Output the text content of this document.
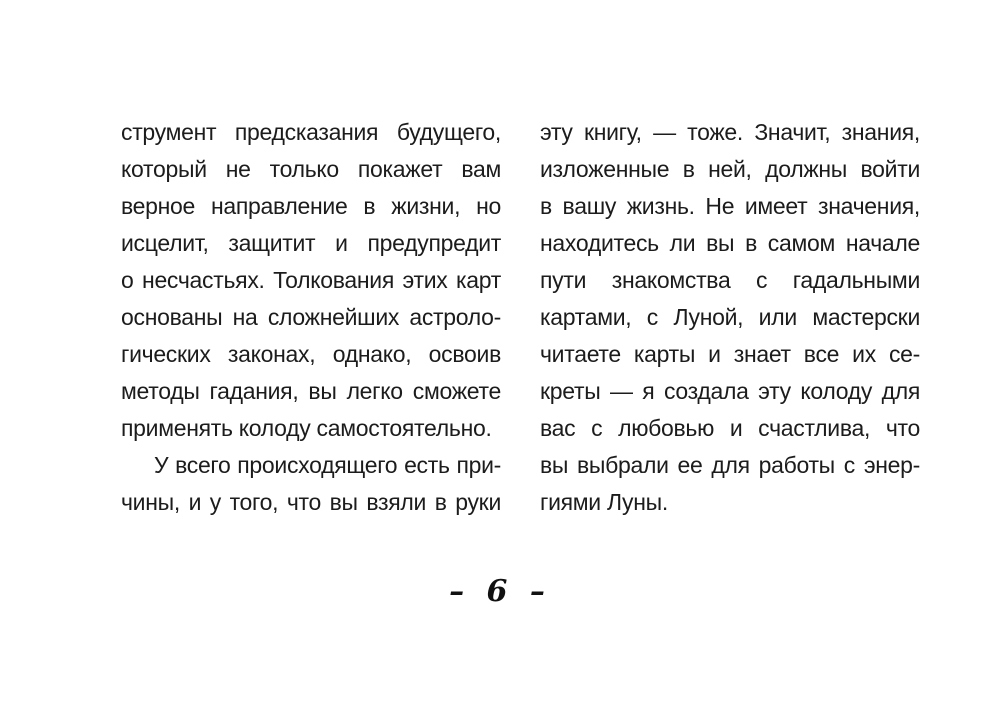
струмент предсказания будущего,
который не только покажет вам
верное направление в жизни, но
исцелит, защитит и предупредит
о несчастьях. Толкования этих карт
основаны на сложнейших астроло-
гических законах, однако, освоив
методы гадания, вы легко сможете
применять колоду самостоятельно.
У всего происходящего есть при-
чины, и у того, что вы взяли в руки
эту книгу, — тоже. Значит, знания,
изложенные в ней, должны войти
в вашу жизнь. Не имеет значения,
находитесь ли вы в самом начале
пути знакомства с гадальными
картами, с Луной, или мастерски
читаете карты и знает все их се-
креты — я создала эту колоду для
вас с любовью и счастлива, что
вы выбрали ее для работы с энер-
гиями Луны.
– 6 –
